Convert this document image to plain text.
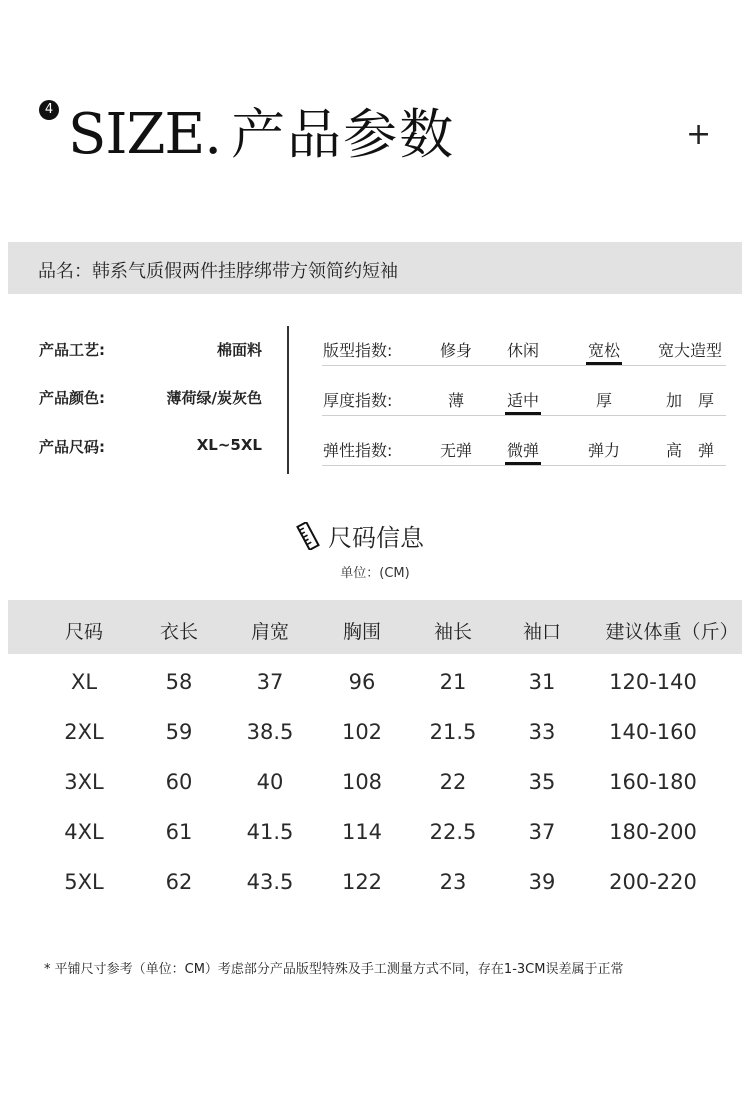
4 SIZE. 产品参数	+
品名：韩系气质假两件挂脖绑带方领简约短袖
产品工艺:	棉面料
产品颜色:	薄荷绿/炭灰色
产品尺码:	XL~5XL
版型指数:	修身	休闲	宽松	宽大造型
厚度指数:	薄	适中	厚	加　厚
弹性指数:	无弹	微弹	弹力	高　弹
尺码信息
单位：(CM)
尺码	衣长	肩宽	胸围	袖长	袖口	建议体重（斤）
XL	58	37	96	21	31	120-140
2XL	59	38.5	102	21.5	33	140-160
3XL	60	40	108	22	35	160-180
4XL	61	41.5	114	22.5	37	180-200
5XL	62	43.5	122	23	39	200-220
* 平铺尺寸参考（单位：CM）考虑部分产品版型特殊及手工测量方式不同，存在1-3CM误差属于正常
